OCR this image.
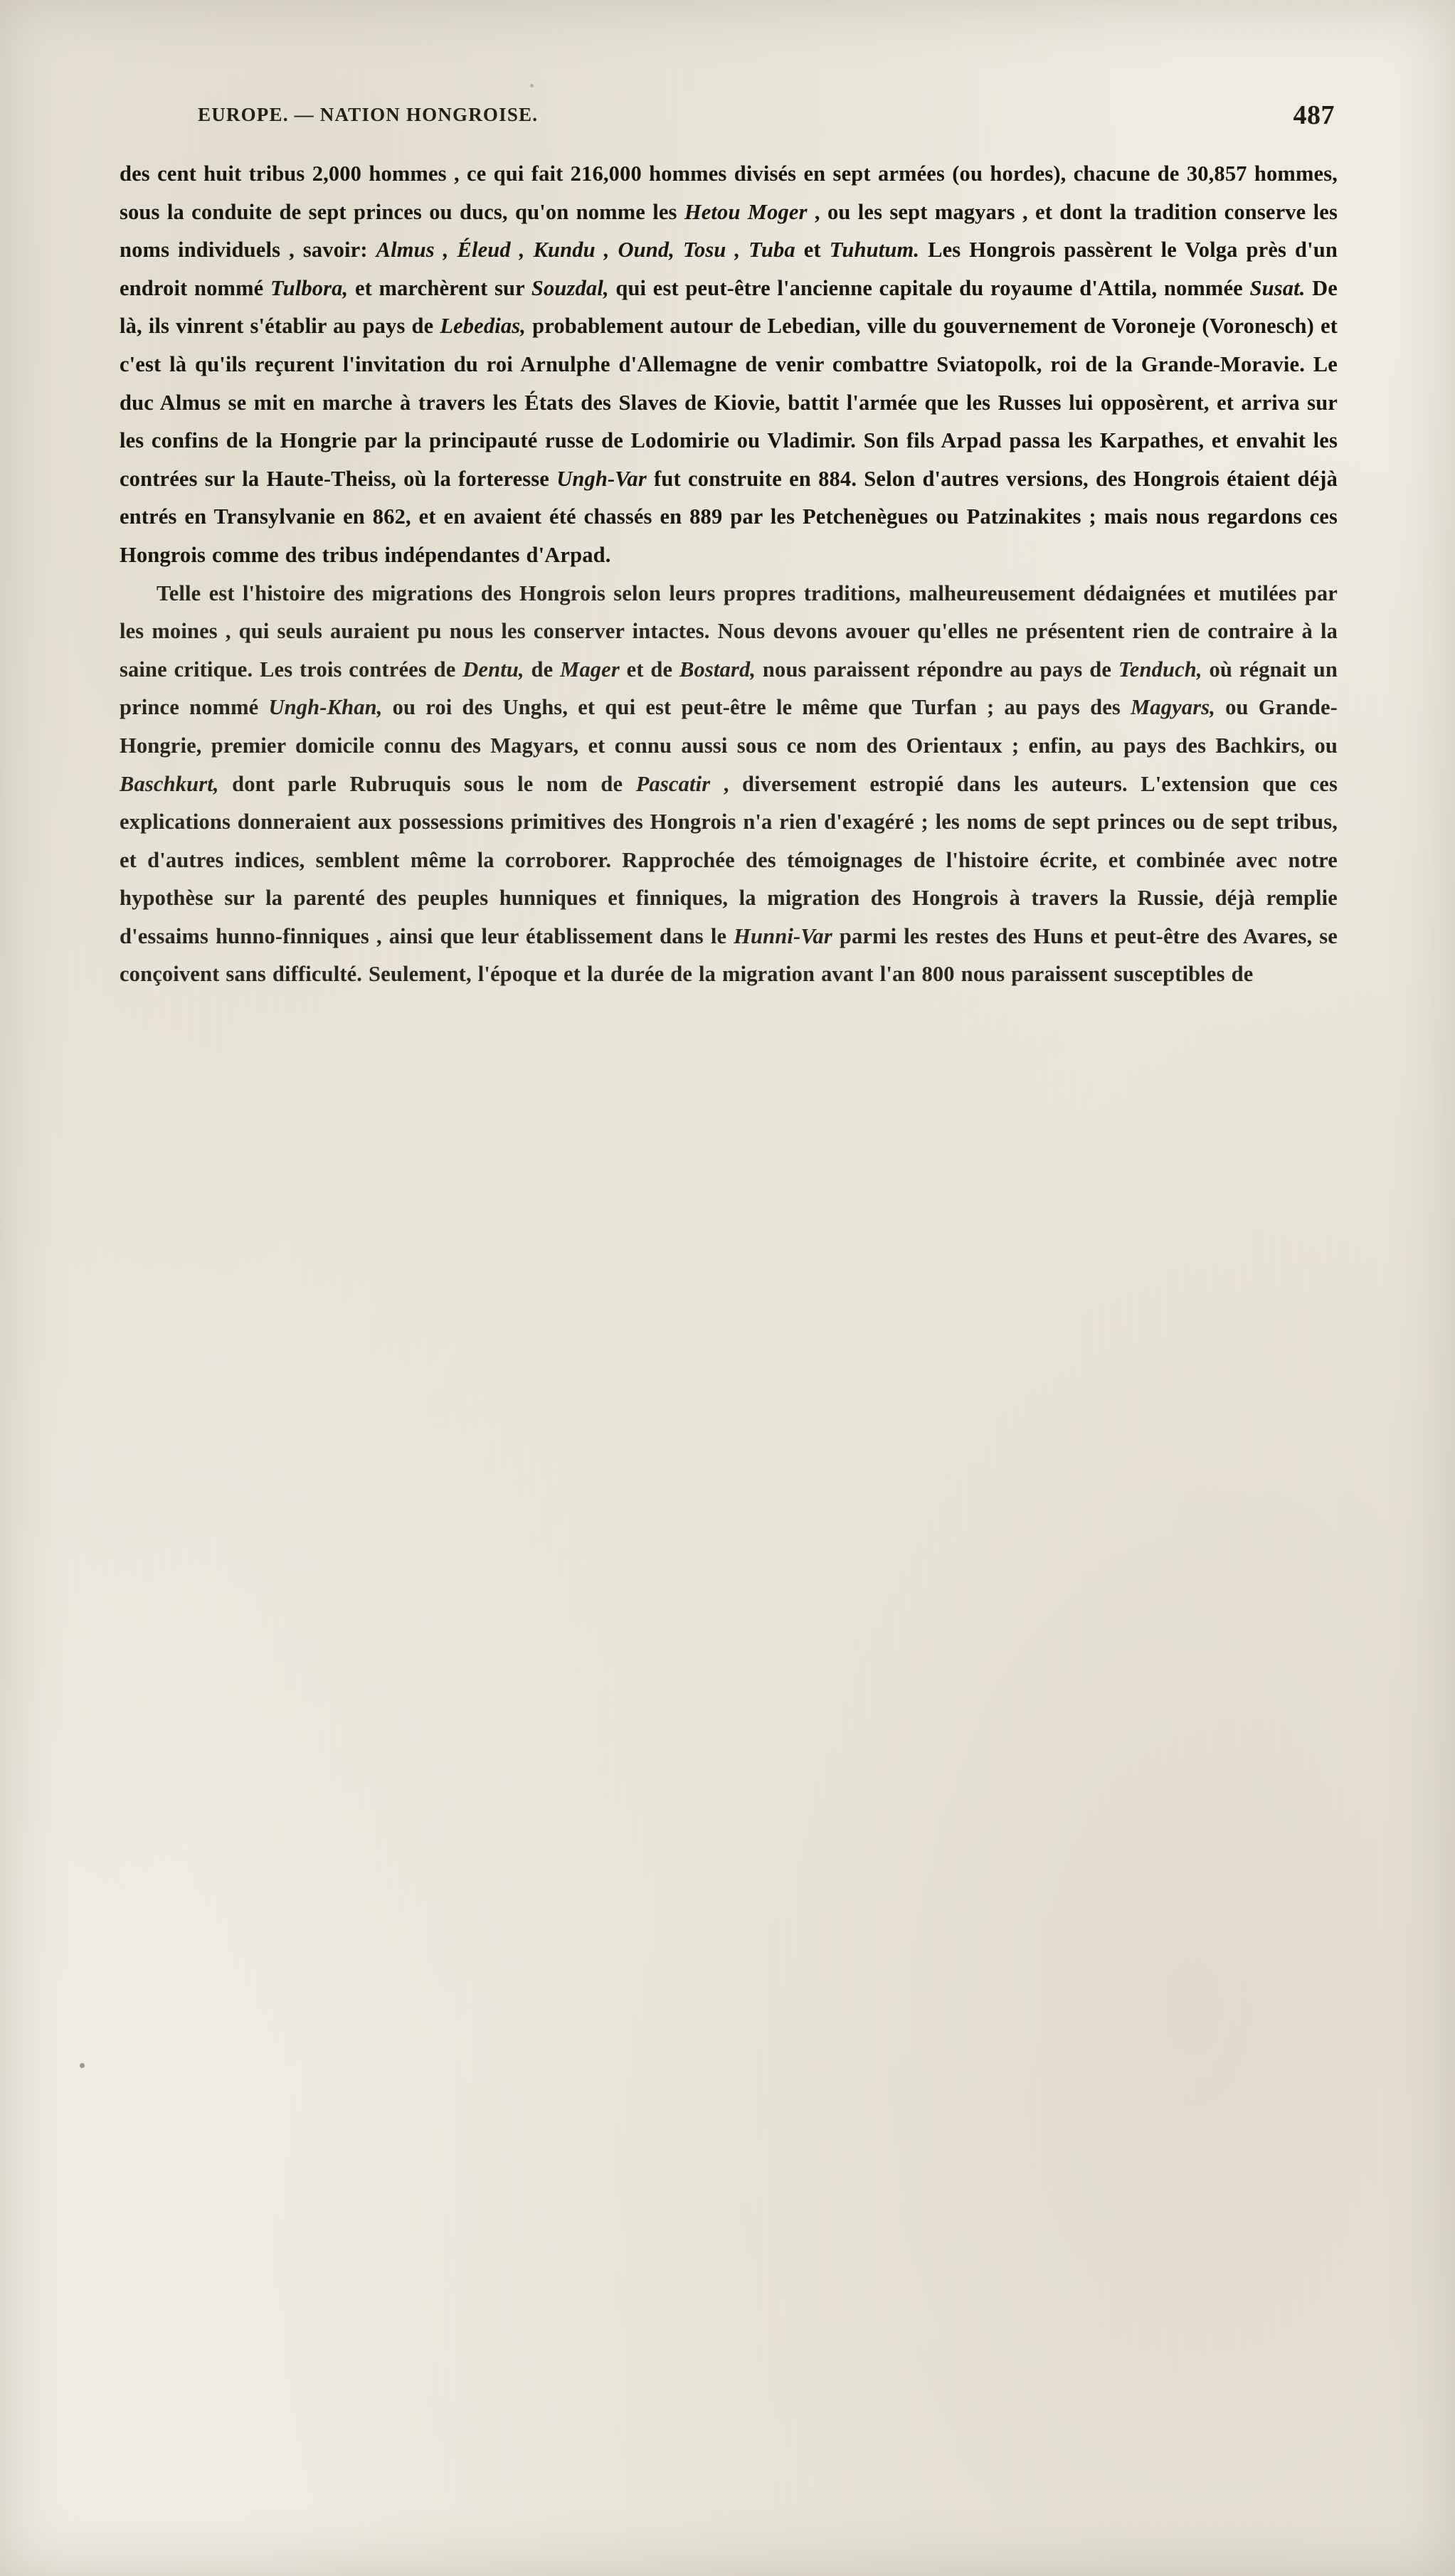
EUROPE. — NATION HONGROISE.	487

des cent huit tribus 2,000 hommes , ce qui fait 216,000 hommes divisés en sept armées (ou hordes), chacune de 30,857 hommes, sous la conduite de sept princes ou ducs, qu'on nomme les Hetou Moger , ou les sept magyars , et dont la tradition conserve les noms individuels , savoir: Almus , Éleud , Kundu , Ound, Tosu , Tuba et Tuhutum. Les Hongrois passèrent le Volga près d'un endroit nommé Tulbora, et marchèrent sur Souzdal, qui est peut-être l'ancienne capitale du royaume d'Attila, nommée Susat. De là, ils vinrent s'établir au pays de Lebedias, probablement autour de Lebedian, ville du gouvernement de Voroneje (Voronesch) et c'est là qu'ils reçurent l'invitation du roi Arnulphe d'Allemagne de venir combattre Sviatopolk, roi de la Grande-Moravie. Le duc Almus se mit en marche à travers les États des Slaves de Kiovie, battit l'armée que les Russes lui opposèrent, et arriva sur les confins de la Hongrie par la principauté russe de Lodomirie ou Vladimir. Son fils Arpad passa les Karpathes, et envahit les contrées sur la Haute-Theiss, où la forteresse Ungh-Var fut construite en 884. Selon d'autres versions, des Hongrois étaient déjà entrés en Transylvanie en 862, et en avaient été chassés en 889 par les Petchenègues ou Patzinakites ; mais nous regardons ces Hongrois comme des tribus indépendantes d'Arpad.

Telle est l'histoire des migrations des Hongrois selon leurs propres traditions, malheureusement dédaignées et mutilées par les moines , qui seuls auraient pu nous les conserver intactes. Nous devons avouer qu'elles ne présentent rien de contraire à la saine critique. Les trois contrées de Dentu, de Mager et de Bostard, nous paraissent répondre au pays de Tenduch, où régnait un prince nommé Ungh-Khan, ou roi des Unghs, et qui est peut-être le même que Turfan ; au pays des Magyars, ou Grande-Hongrie, premier domicile connu des Magyars, et connu aussi sous ce nom des Orientaux ; enfin, au pays des Bachkirs, ou Baschkurt, dont parle Rubruquis sous le nom de Pascatir , diversement estropié dans les auteurs. L'extension que ces explications donneraient aux possessions primitives des Hongrois n'a rien d'exagéré ; les noms de sept princes ou de sept tribus, et d'autres indices, semblent même la corroborer. Rapprochée des témoignages de l'histoire écrite, et combinée avec notre hypothèse sur la parenté des peuples hunniques et finniques, la migration des Hongrois à travers la Russie, déjà remplie d'essaims hunno-finniques , ainsi que leur établissement dans le Hunni-Var parmi les restes des Huns et peut-être des Avares, se conçoivent sans difficulté. Seulement, l'époque et la durée de la migration avant l'an 800 nous paraissent susceptibles de
